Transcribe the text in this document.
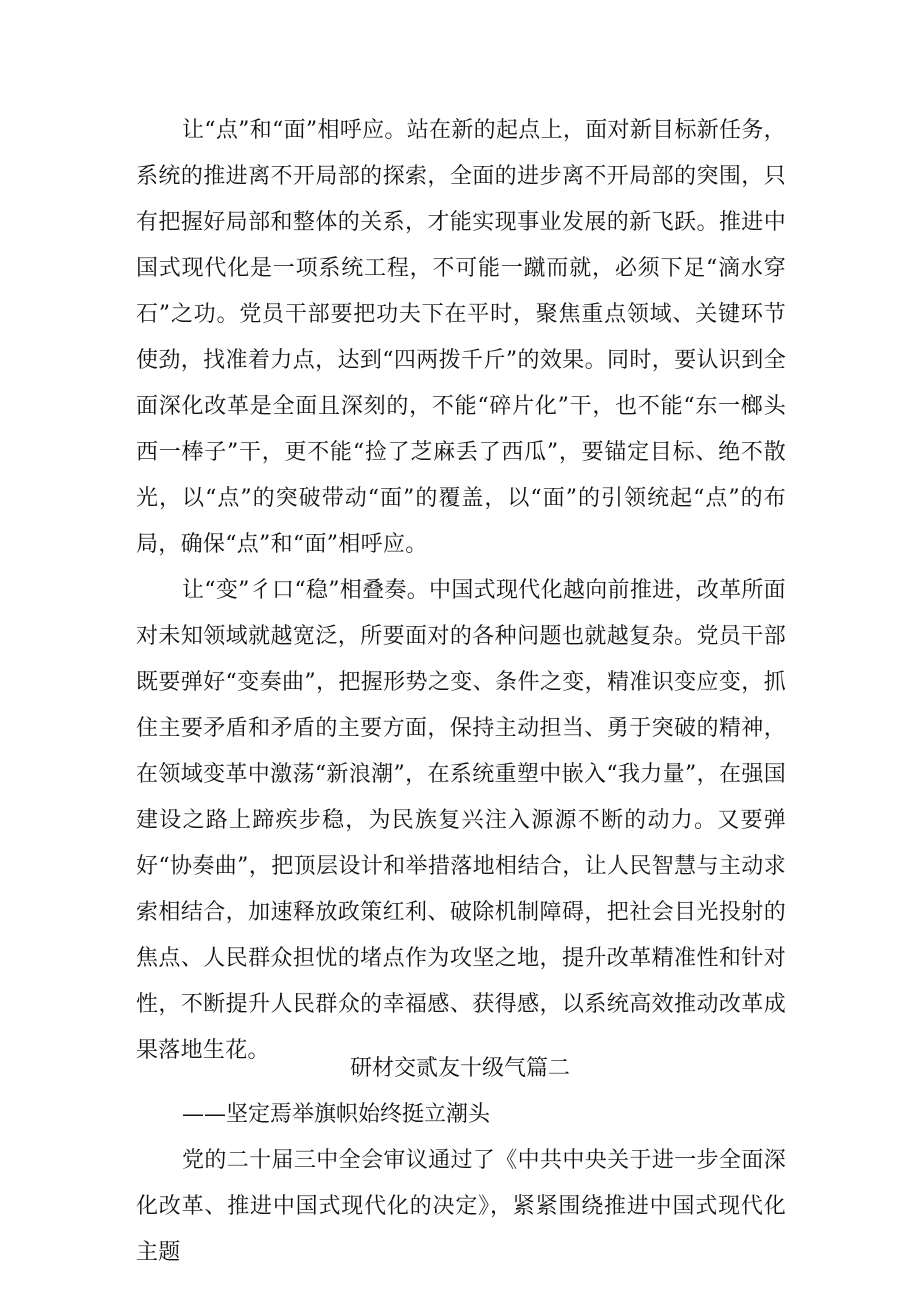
让“点”和“面”相呼应。站在新的起点上，面对新目标新任务，系统的推进离不开局部的探索，全面的进步离不开局部的突围，只有把握好局部和整体的关系，才能实现事业发展的新飞跃。推进中国式现代化是一项系统工程，不可能一蹴而就，必须下足“滴水穿石”之功。党员干部要把功夫下在平时，聚焦重点领域、关键环节使劲，找准着力点，达到“四两拨千斤”的效果。同时，要认识到全面深化改革是全面且深刻的，不能“碎片化”干，也不能“东一榔头西一棒子”干，更不能“捡了芝麻丢了西瓜”，要锚定目标、绝不散光，以“点”的突破带动“面”的覆盖，以“面”的引领统起“点”的布局，确保“点”和“面”相呼应。

让“变”彳口“稳”相叠奏。中国式现代化越向前推进，改革所面对未知领域就越宽泛，所要面对的各种问题也就越复杂。党员干部既要弹好“变奏曲”，把握形势之变、条件之变，精准识变应变，抓住主要矛盾和矛盾的主要方面，保持主动担当、勇于突破的精神，在领域变革中激荡“新浪潮”，在系统重塑中嵌入“我力量”，在强国建设之路上蹄疾步稳，为民族复兴注入源源不断的动力。又要弹好“协奏曲”，把顶层设计和举措落地相结合，让人民智慧与主动求索相结合，加速释放政策红利、破除机制障碍，把社会目光投射的焦点、人民群众担忧的堵点作为攻坚之地，提升改革精准性和针对性，不断提升人民群众的幸福感、获得感，以系统高效推动改革成果落地生花。

研材交贰友十级气篇二

——坚定焉举旗帜始终挺立潮头

党的二十届三中全会审议通过了《中共中央关于进一步全面深化改革、推进中国式现代化的决定》，紧紧围绕推进中国式现代化主题
